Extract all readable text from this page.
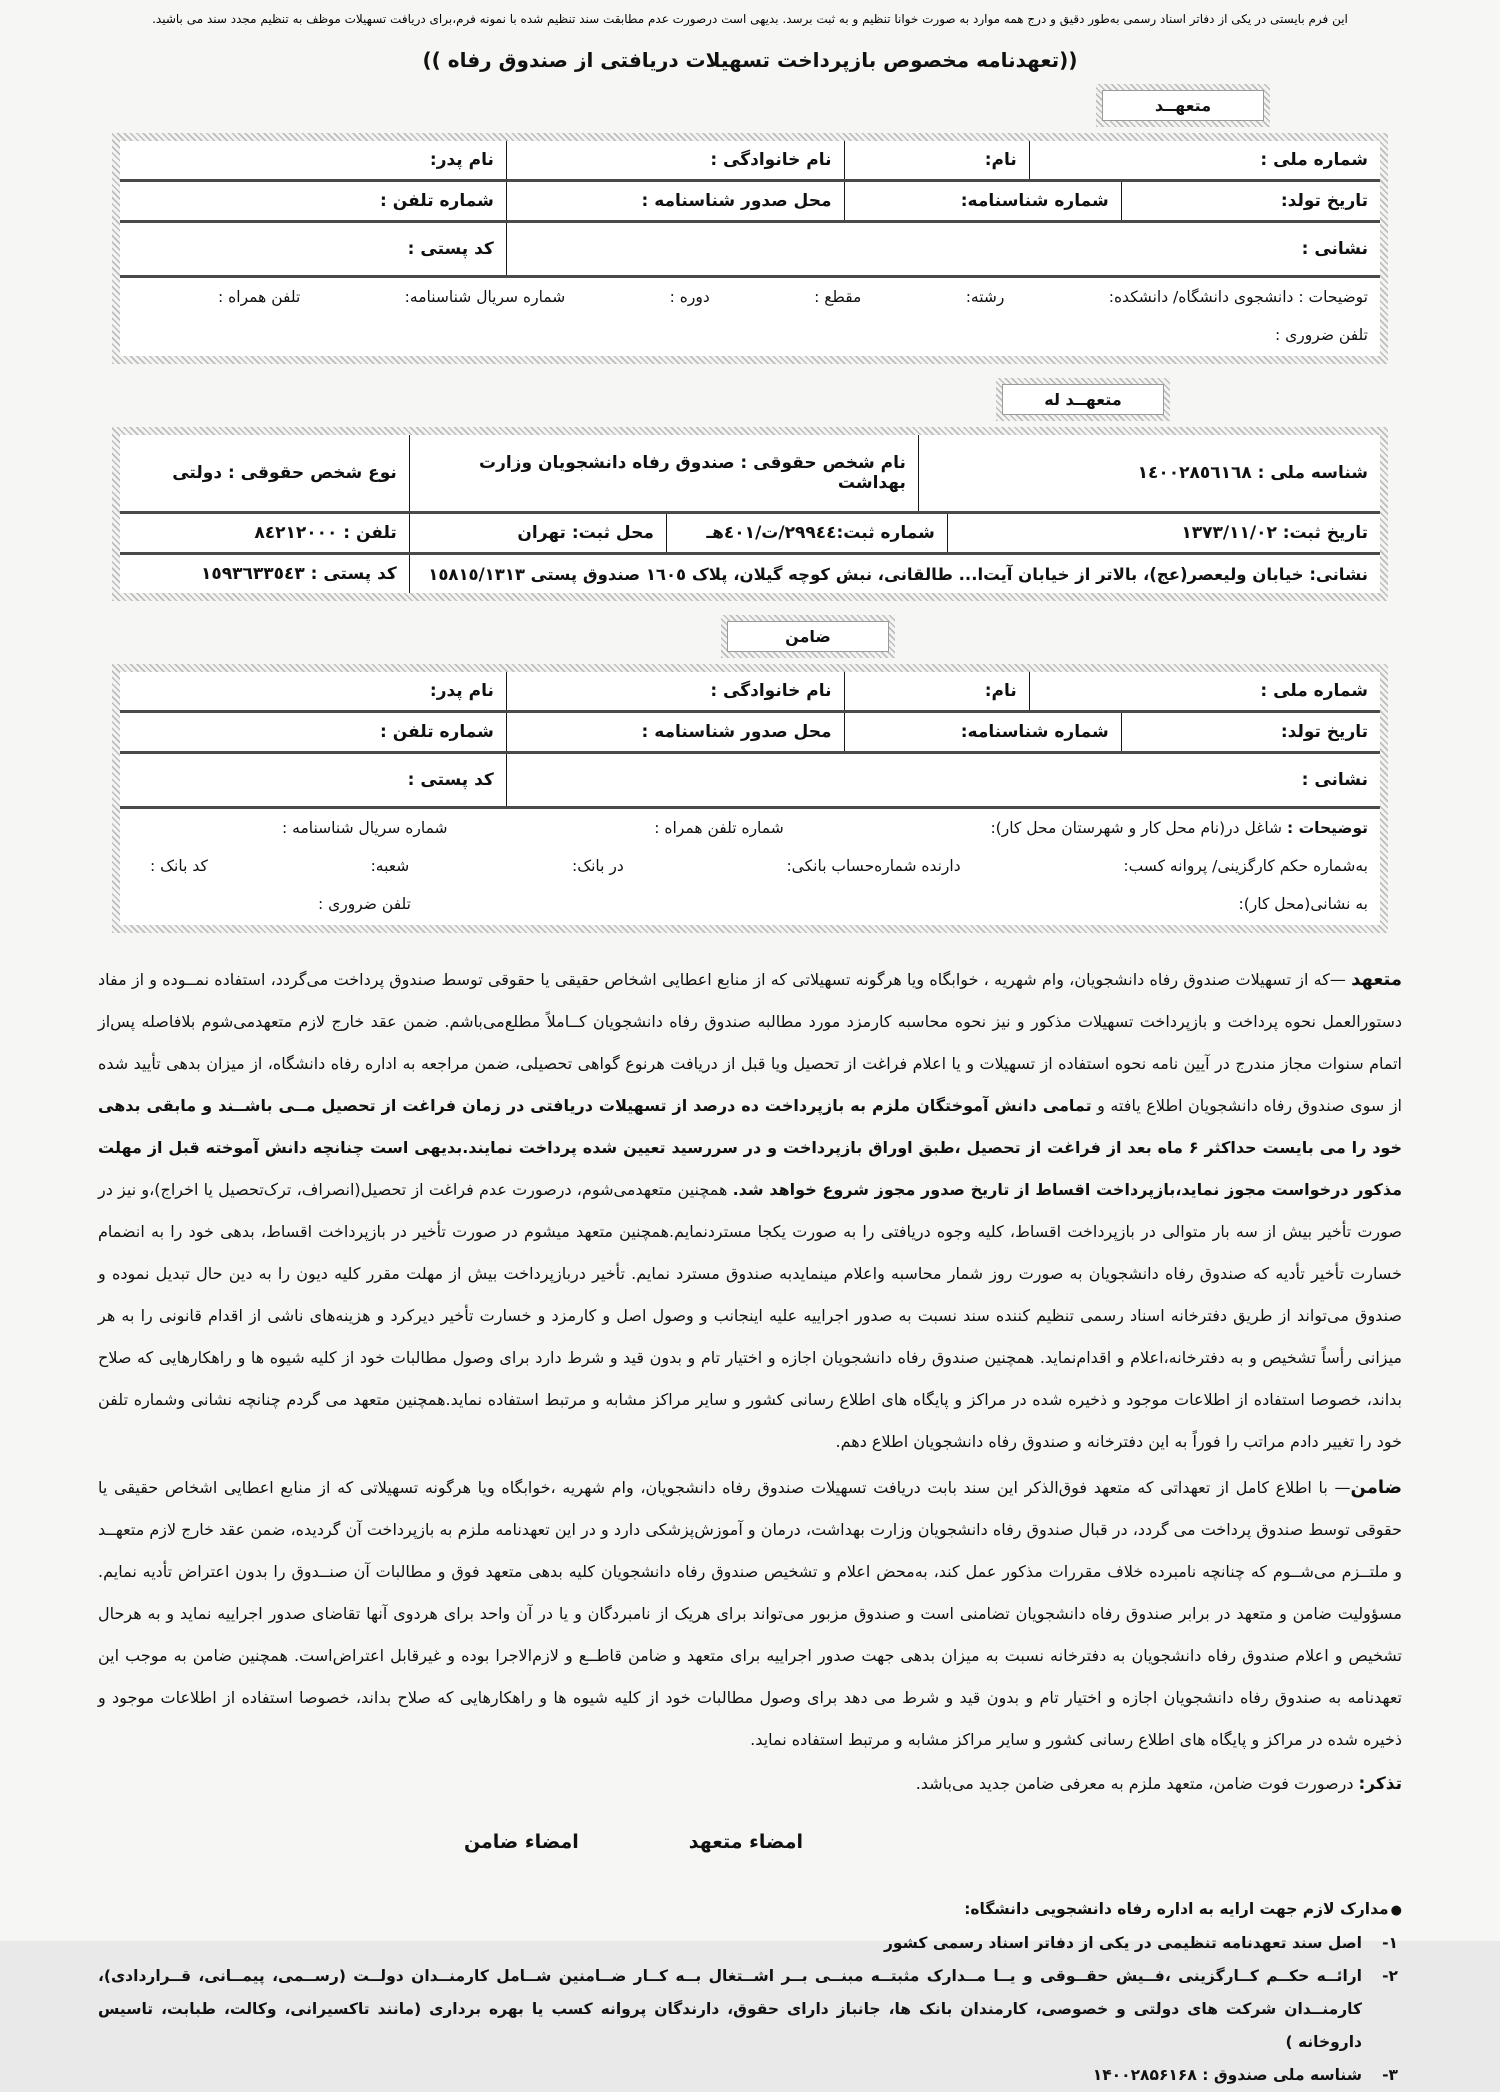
این فرم بایستی در یکی از دفاتر اسناد رسمی به‌طور دقیق و درج همه موارد به صورت خوانا تنظیم و به ثبت برسد. بدیهی است درصورت عدم مطابقت سند تنظیم شده با نمونه فرم،برای دریافت تسهیلات موظف به تنظیم مجدد سند می باشید.
((تعهدنامه مخصوص بازپرداخت تسهیلات دریافتی از صندوق رفاه ))
متعهــد
شماره ملی :
نام:
نام خانوادگی :
نام پدر:
تاریخ تولد:
شماره شناسنامه:
محل صدور شناسنامه :
شماره تلفن :
نشانی :
کد پستی :
توضیحات : دانشجوی دانشگاه/ دانشکده:
رشته:
مقطع :
دوره :
شماره سریال شناسنامه:
تلفن همراه :
تلفن ضروری :
متعهــد له
شناسه ملی : ١٤٠٠٢٨٥٦١٦٨
نام شخص حقوقی : صندوق رفاه دانشجویان وزارت بهداشت
نوع شخص حقوقی : دولتی
تاریخ ثبت: ١٣٧٣/١١/٠٢
شماره ثبت:٢٩٩٤٤/ت/٤٠١هـ
محل ثبت: تهران
تلفن : ٨٤٢١٢٠٠٠
نشانی: خیابان ولیعصر(عج)، بالاتر از خیابان آیت‌ا... طالقانی، نبش کوچه گیلان، پلاک ١٦٠٥ صندوق پستی ١٥٨١٥/١٣١٣
کد پستی : ١٥٩٣٦٣٣٥٤٣
ضامن
شماره ملی :
نام:
نام خانوادگی :
نام پدر:
تاریخ تولد:
شماره شناسنامه:
محل صدور شناسنامه :
شماره تلفن :
نشانی :
کد پستی :
توضیحات : شاغل در(نام محل کار و شهرستان محل کار):
شماره تلفن همراه :
شماره سریال شناسنامه :
به‌شماره حکم کارگزینی/ پروانه کسب:
دارنده شماره‌حساب بانکی:
در بانک:
شعبه:
کد بانک :
به نشانی(محل کار):
تلفن ضروری :

متعهد —که از تسهیلات صندوق رفاه دانشجویان، وام شهریه ، خوابگاه ویا هرگونه تسهیلاتی که از منابع اعطایی اشخاص حقیقی یا حقوقی توسط صندوق پرداخت می‌گردد، استفاده نمــوده و از مفاد دستورالعمل نحوه پرداخت و بازپرداخت تسهیلات مذکور و نیز نحوه محاسبه کارمزد مورد مطالبه صندوق رفاه دانشجویان کــاملاً مطلع‌می‌باشم. ضمن عقد خارج لازم متعهدمی‌شوم بلافاصله پس‌از اتمام سنوات مجاز مندرج در آیین نامه نحوه استفاده از تسهیلات و یا اعلام فراغت از تحصیل ویا قبل از دریافت هرنوع گواهی تحصیلی، ضمن مراجعه به اداره رفاه دانشگاه، از میزان بدهی تأیید شده از سوی صندوق رفاه دانشجویان اطلاع یافته و تمامی دانش آموختگان ملزم به بازپرداخت ده درصد از تسهیلات دریافتی در زمان فراغت از تحصیل مــی باشــند و مابقی بدهی خود را می بایست حداکثر ۶ ماه بعد از فراغت از تحصیل ،طبق اوراق بازپرداخت و در سررسید تعیین شده پرداخت نمایند.بدیهی است چنانچه دانش آموخته قبل از مهلت مذکور درخواست مجوز نماید،بازپرداخت اقساط از تاریخ صدور مجوز شروع خواهد شد. همچنین متعهدمی‌شوم، درصورت عدم فراغت از تحصیل(انصراف، ترک‌تحصیل یا اخراج)،و نیز در صورت تأخیر بیش از سه بار متوالی در بازپرداخت اقساط، کلیه وجوه دریافتی را به صورت یکجا مستردنمایم.همچنین متعهد میشوم در صورت تأخیر در بازپرداخت اقساط، بدهی خود را به انضمام خسارت تأخیر تأدیه که صندوق رفاه دانشجویان به صورت روز شمار محاسبه واعلام مینمایدبه صندوق مسترد نمایم. تأخیر دربازپرداخت بیش از مهلت مقرر کلیه دیون را به دین حال تبدیل نموده و صندوق می‌تواند از طریق دفترخانه اسناد رسمی تنظیم کننده سند نسبت به صدور اجراییه علیه اینجانب و وصول اصل و کارمزد و خسارت تأخیر دیرکرد و هزینه‌های ناشی از اقدام قانونی را به هر میزانی رأساً تشخیص و به دفترخانه،اعلام و اقدام‌نماید. همچنین صندوق رفاه دانشجویان اجازه و اختیار تام و بدون قید و شرط دارد برای وصول مطالبات خود از کلیه شیوه ها و راهکارهایی که صلاح بداند، خصوصا استفاده از اطلاعات موجود و ذخیره شده در مراکز و پایگاه های اطلاع رسانی کشور و سایر مراکز مشابه و مرتبط استفاده نماید.همچنین متعهد می گردم چنانچه نشانی وشماره تلفن خود را تغییر دادم مراتب را فوراً به این دفترخانه و صندوق رفاه دانشجویان اطلاع دهم.

ضامن— با اطلاع کامل از تعهداتی که متعهد فوق‌الذکر این سند بابت دریافت تسهیلات صندوق رفاه دانشجویان، وام شهریه ،خوابگاه ویا هرگونه تسهیلاتی که از منابع اعطایی اشخاص حقیقی یا حقوقی توسط صندوق پرداخت می گردد، در قبال صندوق رفاه دانشجویان وزارت بهداشت، درمان و آموزش‌پزشکی دارد و در این تعهدنامه ملزم به بازپرداخت آن گردیده، ضمن عقد خارج لازم متعهــد و ملتــزم می‌شــوم که چنانچه نامبرده خلاف مقررات مذکور عمل کند، به‌محض اعلام و تشخیص صندوق رفاه دانشجویان کلیه بدهی متعهد فوق و مطالبات آن صنــدوق را بدون اعتراض تأدیه نمایم. مسؤولیت ضامن و متعهد در برابر صندوق رفاه دانشجویان تضامنی است و صندوق مزبور می‌تواند برای هریک از نامبردگان و یا در آن واحد برای هردوی آنها تقاضای صدور اجراییه نماید و به هرحال تشخیص و اعلام صندوق رفاه دانشجویان به دفترخانه نسبت به میزان بدهی جهت صدور اجراییه برای متعهد و ضامن قاطــع و لازم‌الاجرا بوده و غیرقابل اعتراض‌است. همچنین ضامن به موجب این تعهدنامه به صندوق رفاه دانشجویان اجازه و اختیار تام و بدون قید و شرط می دهد برای وصول مطالبات خود از کلیه شیوه ها و راهکارهایی که صلاح بداند، خصوصا استفاده از اطلاعات موجود و ذخیره شده در مراکز و پایگاه های اطلاع رسانی کشور و سایر مراکز مشابه و مرتبط استفاده نماید.

تذکر: درصورت فوت ضامن، متعهد ملزم به معرفی ضامن جدید می‌باشد.
امضاء متعهد
امضاء ضامن
●
مدارک لازم جهت ارایه به اداره رفاه دانشجویی دانشگاه:
۱-
اصل سند تعهدنامه تنظیمی در یکی از دفاتر اسناد رسمی کشور
۲-
ارائــه حکــم کــارگزینی ،فــیش حقــوقی و یــا مــدارک مثبتــه مبنــی بــر اشــتغال بــه کــار ضــامنین شــامل کارمنــدان دولــت (رســمی، پیمــانی، قــراردادی)، کارمنــدان شرکت های دولتی و خصوصی، کارمندان بانک ها، جانباز دارای حقوق، دارندگان پروانه کسب یا بهره برداری (مانند تاکسیرانی، وکالت، طبابت، تاسیس داروخانه )
۳-
شناسه ملی صندوق : ۱۴۰۰۲۸۵۶۱۶۸
